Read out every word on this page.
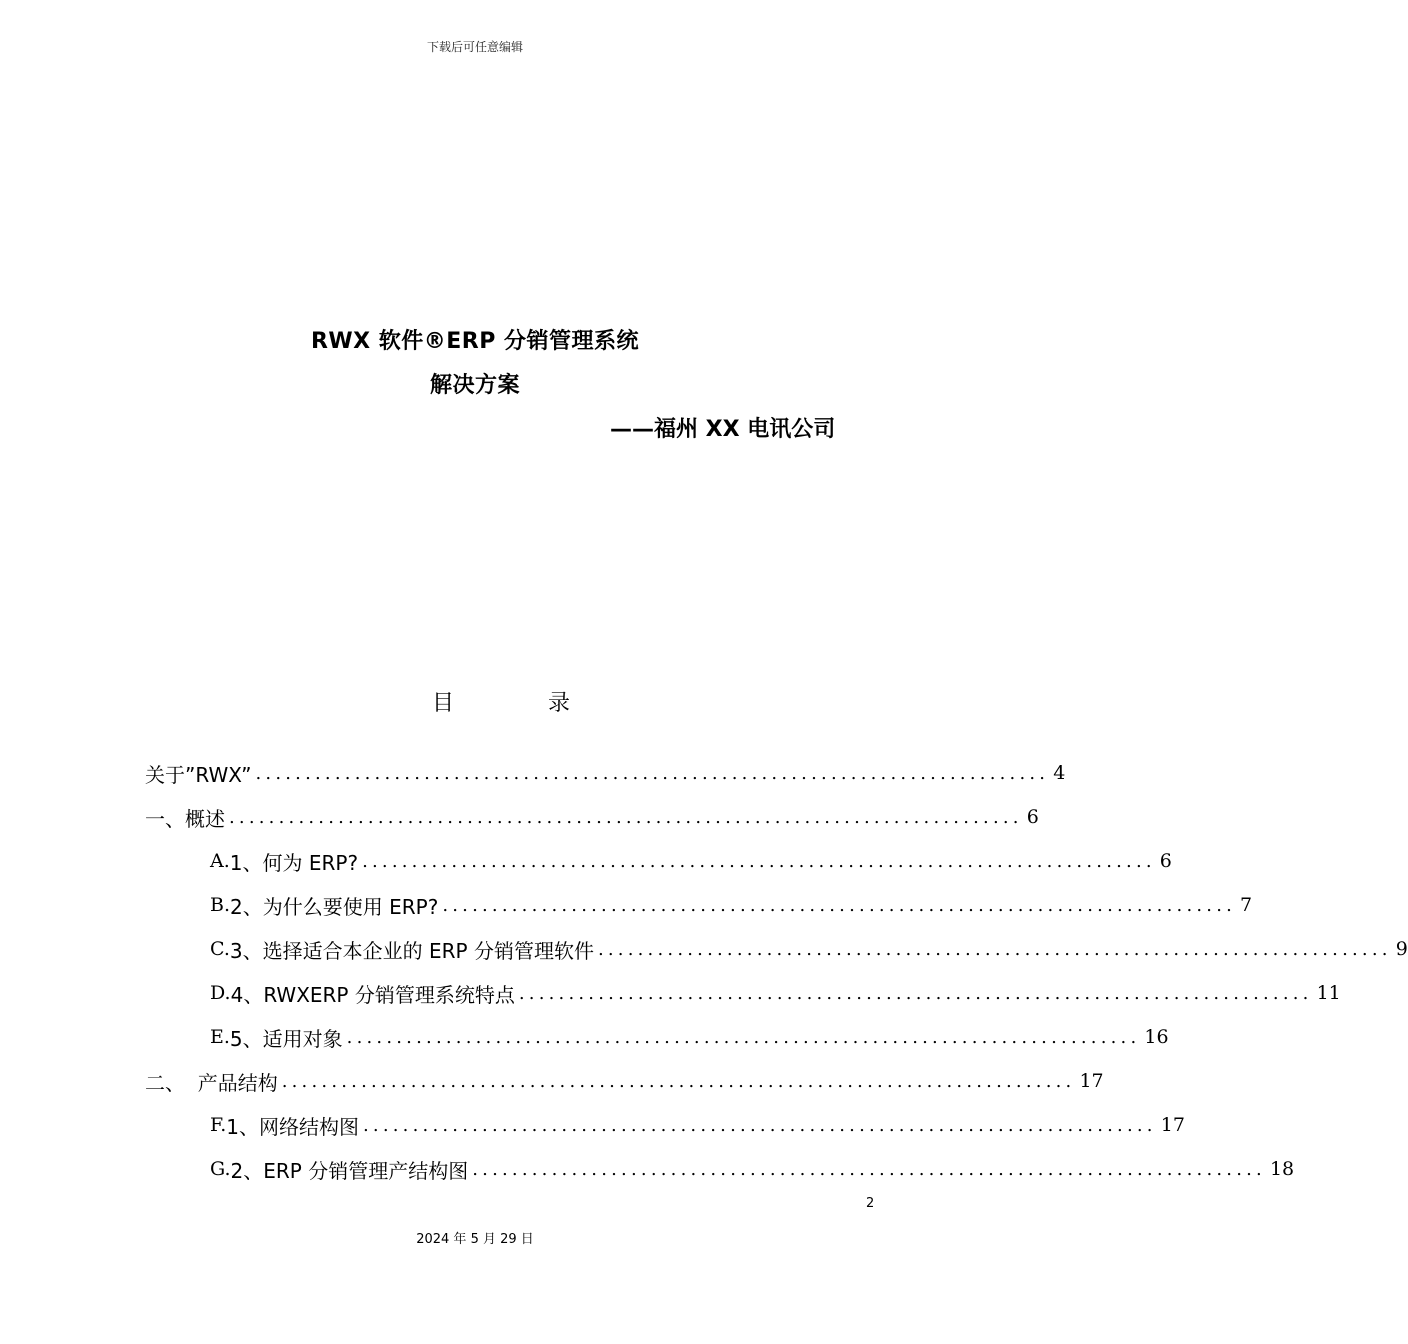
下载后可任意编辑
RWX 软件®ERP 分销管理系统
解决方案
——福州 XX 电讯公司
目	录
关于”RWX” ................................................................................ 4
一、概述 ................................................................................ 6
A. 1、何为 ERP? ................................................................................ 6
B. 2、为什么要使用 ERP? ................................................................................ 7
C. 3、选择适合本企业的 ERP 分销管理软件 ................................................................................ 9
D. 4、RWXERP 分销管理系统特点 ................................................................................ 11
E. 5、适用对象 ................................................................................ 16
二、  产品结构 ................................................................................ 17
F. 1、网络结构图 ................................................................................ 17
G. 2、ERP 分销管理产结构图 ................................................................................ 18
2
2024 年 5 月 29 日
